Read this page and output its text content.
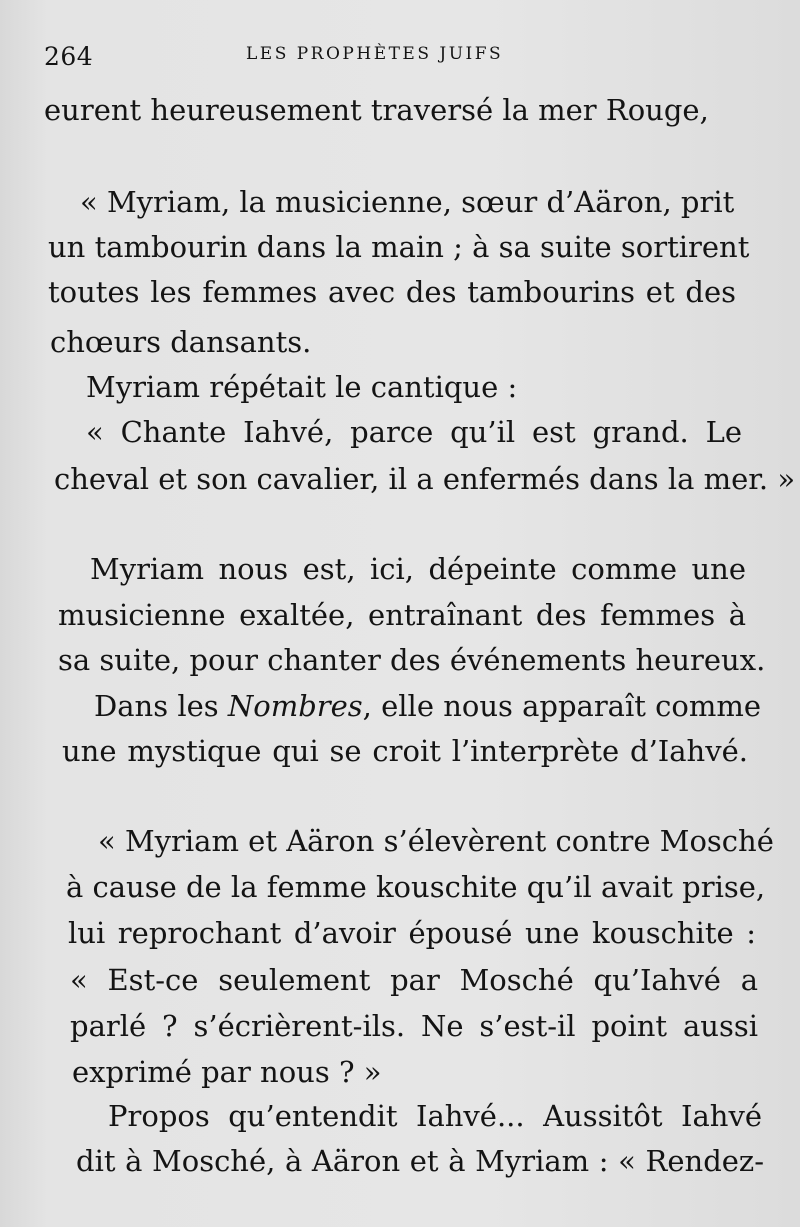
264	LES PROPHÈTES JUIFS
eurent heureusement traversé la mer Rouge,
« Myriam, la musicienne, sœur d’Aäron, prit
un tambourin dans la main ; à sa suite sortirent
toutes les femmes avec des tambourins et des
chœurs dansants.
Myriam répétait le cantique :
« Chante Iahvé, parce qu’il est grand. Le
cheval et son cavalier, il a enfermés dans la mer. »
Myriam nous est, ici, dépeinte comme une
musicienne exaltée, entraînant des femmes à
sa suite, pour chanter des événements heureux.
Dans les Nombres, elle nous apparaît comme
une mystique qui se croit l’interprète d’Iahvé.
« Myriam et Aäron s’élevèrent contre Mosché
à cause de la femme kouschite qu’il avait prise,
lui reprochant d’avoir épousé une kouschite :
« Est-ce seulement par Mosché qu’Iahvé a
parlé ? s’écrièrent-ils. Ne s’est-il point aussi
exprimé par nous ? »
Propos qu’entendit Iahvé... Aussitôt Iahvé
dit à Mosché, à Aäron et à Myriam : « Rendez-
